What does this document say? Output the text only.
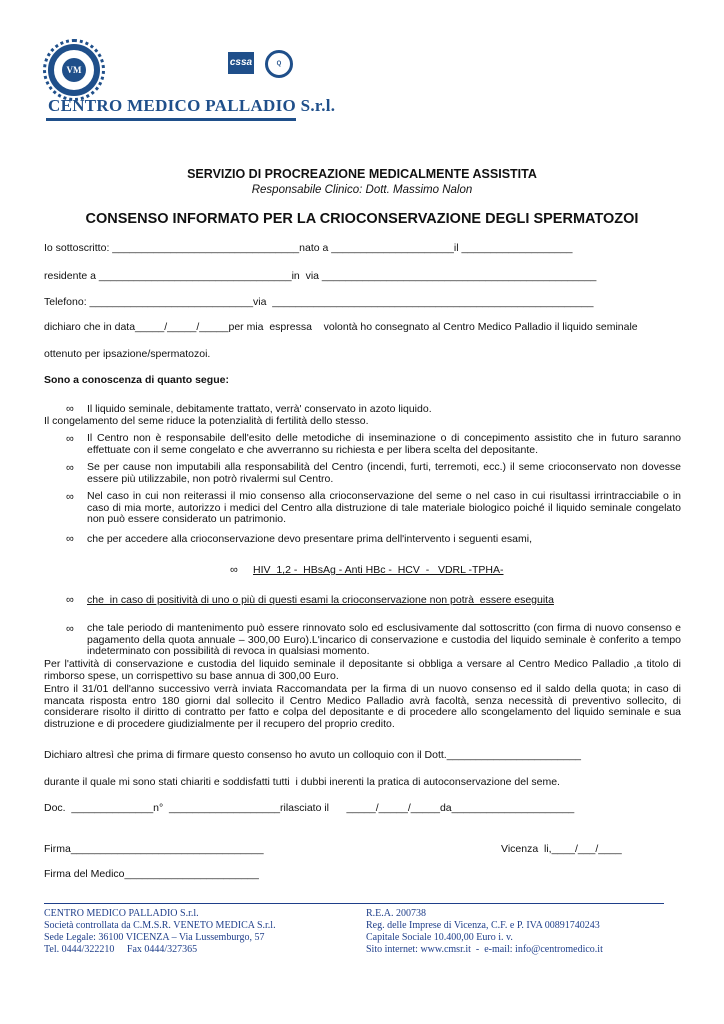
VM
cssa	Q
CENTRO MEDICO PALLADIO S.r.l.
SERVIZIO DI PROCREAZIONE MEDICALMENTE ASSISTITA
Responsabile Clinico: Dott. Massimo Nalon
CONSENSO INFORMATO PER LA CRIOCONSERVAZIONE DEGLI SPERMATOZOI
Io sottoscritto: ________________________________nato a _____________________il ___________________
residente a _________________________________in  via _______________________________________________
Telefono: ____________________________via  _______________________________________________________
dichiaro che in data_____/_____/_____per mia  espressa    volontà ho consegnato al Centro Medico Palladio il liquido seminale
ottenuto per ipsazione/spermatozoi.
Sono a conoscenza di quanto segue:
∞ Il liquido seminale, debitamente trattato, verrà' conservato in azoto liquido.
Il congelamento del seme riduce la potenzialità di fertilità dello stesso.
∞ Il Centro non è responsabile dell'esito delle metodiche di inseminazione o di concepimento assistito che in futuro saranno effettuate con il seme congelato e che avverranno su richiesta e per libera scelta del depositante.
∞ Se per cause non imputabili alla responsabilità del Centro (incendi, furti, terremoti, ecc.) il seme crioconservato non dovesse essere più utilizzabile, non potrò rivalermi sul Centro.
∞ Nel caso in cui non reiterassi il mio consenso alla crioconservazione del seme o nel caso in cui risultassi irrintracciabile o in caso di mia morte, autorizzo i medici del Centro alla distruzione di tale materiale biologico poiché il liquido seminale congelato non può essere considerato un patrimonio.
∞ che per accedere alla crioconservazione devo presentare prima dell'intervento i seguenti esami,
∞ HIV  1,2 -  HBsAg - Anti HBc -  HCV  -   VDRL -TPHA-
∞ che  in caso di positività di uno o più di questi esami la crioconservazione non potrà  essere eseguita
∞ che tale periodo di mantenimento può essere rinnovato solo ed esclusivamente dal sottoscritto (con firma di nuovo consenso e pagamento della quota annuale – 300,00 Euro).L'incarico di conservazione e custodia del liquido seminale è conferito a tempo indeterminato con possibilità di revoca in qualsiasi momento.
Per l'attività di conservazione e custodia del liquido seminale il depositante si obbliga a versare al Centro Medico Palladio ,a titolo di rimborso spese, un corrispettivo su base annua di 300,00 Euro.
Entro il 31/01 dell'anno successivo verrà inviata Raccomandata per la firma di un nuovo consenso ed il saldo della quota; in caso di mancata risposta entro 180 giorni dal sollecito il Centro Medico Palladio avrà facoltà, senza necessità di preventivo sollecito, di considerare risolto il diritto di contratto per fatto e colpa del depositante e di procedere allo scongelamento del liquido seminale e sua distruzione e di procedere giudizialmente per il recupero del proprio credito.
Dichiaro altresì che prima di firmare questo consenso ho avuto un colloquio con il Dott._______________________
durante il quale mi sono stati chiariti e soddisfatti tutti  i dubbi inerenti la pratica di autoconservazione del seme.
Doc.  ______________n°  ___________________rilasciato il      _____/_____/_____da_____________________
Firma_________________________________	Vicenza  li,____/___/____
Firma del Medico_______________________
CENTRO MEDICO PALLADIO S.r.l.
Società controllata da C.M.S.R. VENETO MEDICA S.r.l.
Sede Legale: 36100 VICENZA – Via Lussemburgo, 57
Tel. 0444/322210     Fax 0444/327365
R.E.A. 200738
Reg. delle Imprese di Vicenza, C.F. e P. IVA 00891740243
Capitale Sociale 10.400,00 Euro i. v.
Sito internet: www.cmsr.it  -  e-mail: info@centromedico.it
